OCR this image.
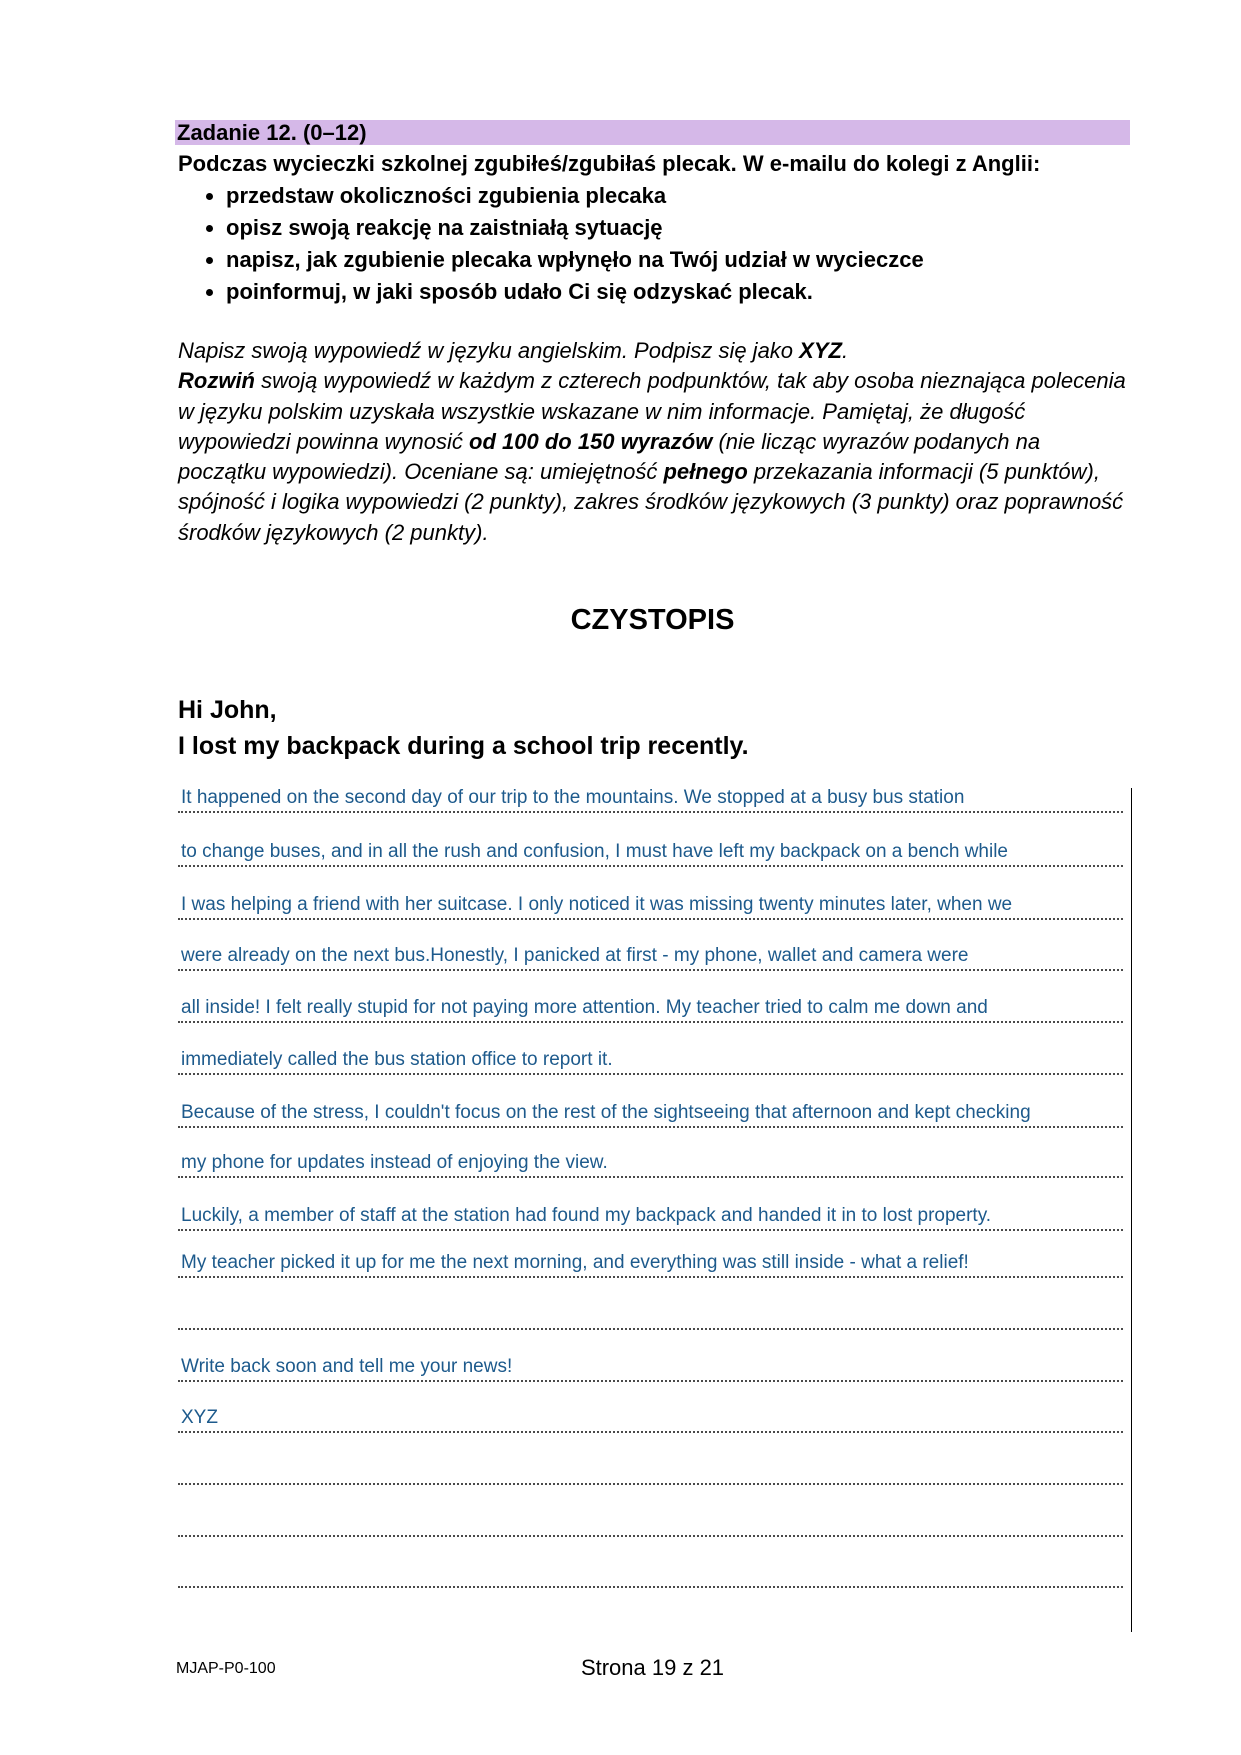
Zadanie 12. (0–12)
Podczas wycieczki szkolnej zgubiłeś/zgubiłaś plecak. W e-mailu do kolegi z Anglii:
przedstaw okoliczności zgubienia plecaka
opisz swoją reakcję na zaistniałą sytuację
napisz, jak zgubienie plecaka wpłynęło na Twój udział w wycieczce
poinformuj, w jaki sposób udało Ci się odzyskać plecak.

Napisz swoją wypowiedź w języku angielskim. Podpisz się jako XYZ.

Rozwiń swoją wypowiedź w każdym z czterech podpunktów, tak aby osoba nieznająca polecenia w języku polskim uzyskała wszystkie wskazane w nim informacje. Pamiętaj, że długość wypowiedzi powinna wynosić od 100 do 150 wyrazów (nie licząc wyrazów podanych na początku wypowiedzi). Oceniane są: umiejętność pełnego przekazania informacji (5 punktów), spójność i logika wypowiedzi (2 punkty), zakres środków językowych (3 punkty) oraz poprawność środków językowych (2 punkty).

CZYSTOPIS
Hi John,
I lost my backpack during a school trip recently.
It happened on the second day of our trip to the mountains. We stopped at a busy bus station
to change buses, and in all the rush and confusion, I must have left my backpack on a bench while
I was helping a friend with her suitcase. I only noticed it was missing twenty minutes later, when we
were already on the next bus.Honestly, I panicked at first - my phone, wallet and camera were
all inside! I felt really stupid for not paying more attention. My teacher tried to calm me down and
immediately called the bus station office to report it.
Because of the stress, I couldn't focus on the rest of the sightseeing that afternoon and kept checking
my phone for updates instead of enjoying the view.
Luckily, a member of staff at the station had found my backpack and handed it in to lost property.
My teacher picked it up for me the next morning, and everything was still inside - what a relief!
Write back soon and tell me your news!
XYZ
MJAP-P0-100	Strona 19 z 21
